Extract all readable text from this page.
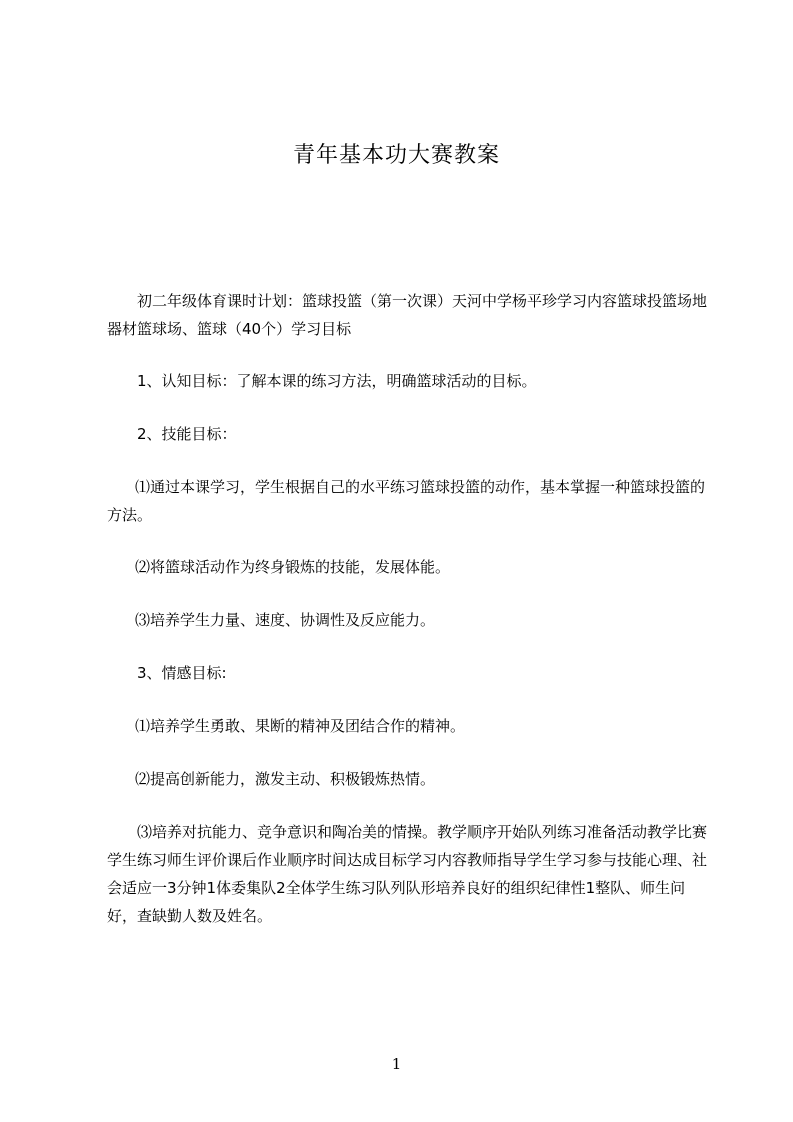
青年基本功大赛教案

初二年级体育课时计划：篮球投篮（第一次课）天河中学杨平珍学习内容篮球投篮场地器材篮球场、篮球（40个）学习目标

1、认知目标：了解本课的练习方法，明确篮球活动的目标。

2、技能目标：

⑴通过本课学习，学生根据自己的水平练习篮球投篮的动作，基本掌握一种篮球投篮的方法。

⑵将篮球活动作为终身锻炼的技能，发展体能。

⑶培养学生力量、速度、协调性及反应能力。

3、情感目标:

⑴培养学生勇敢、果断的精神及团结合作的精神。

⑵提高创新能力，激发主动、积极锻炼热情。

⑶培养对抗能力、竞争意识和陶冶美的情操。教学顺序开始队列练习准备活动教学比赛学生练习师生评价课后作业顺序时间达成目标学习内容教师指导学生学习参与技能心理、社会适应一3分钟1体委集队2全体学生练习队列队形培养良好的组织纪律性1整队、师生问好，查缺勤人数及姓名。

1
